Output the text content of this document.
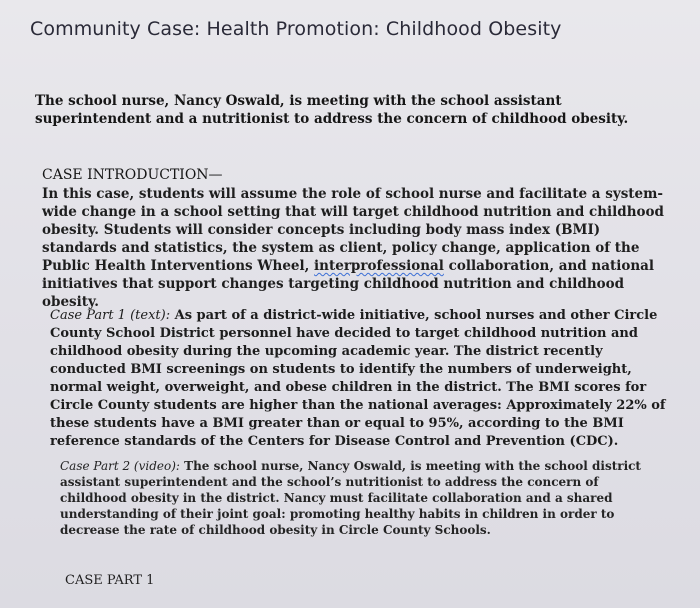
Community Case: Health Promotion: Childhood Obesity

The school nurse, Nancy Oswald, is meeting with the school assistant superintendent and a nutritionist to address the concern of childhood obesity.

CASE INTRODUCTION—

In this case, students will assume the role of school nurse and facilitate a system-wide change in a school setting that will target childhood nutrition and childhood obesity. Students will consider concepts including body mass index (BMI) standards and statistics, the system as client, policy change, application of the Public Health Interventions Wheel, interprofessional collaboration, and national initiatives that support changes targeting childhood nutrition and childhood obesity.

Case Part 1 (text): As part of a district-wide initiative, school nurses and other Circle County School District personnel have decided to target childhood nutrition and childhood obesity during the upcoming academic year. The district recently conducted BMI screenings on students to identify the numbers of underweight, normal weight, overweight, and obese children in the district. The BMI scores for Circle County students are higher than the national averages: Approximately 22% of these students have a BMI greater than or equal to 95%, according to the BMI reference standards of the Centers for Disease Control and Prevention (CDC).

Case Part 2 (video): The school nurse, Nancy Oswald, is meeting with the school district assistant superintendent and the school’s nutritionist to address the concern of childhood obesity in the district. Nancy must facilitate collaboration and a shared understanding of their joint goal: promoting healthy habits in children in order to decrease the rate of childhood obesity in Circle County Schools.

CASE PART 1
